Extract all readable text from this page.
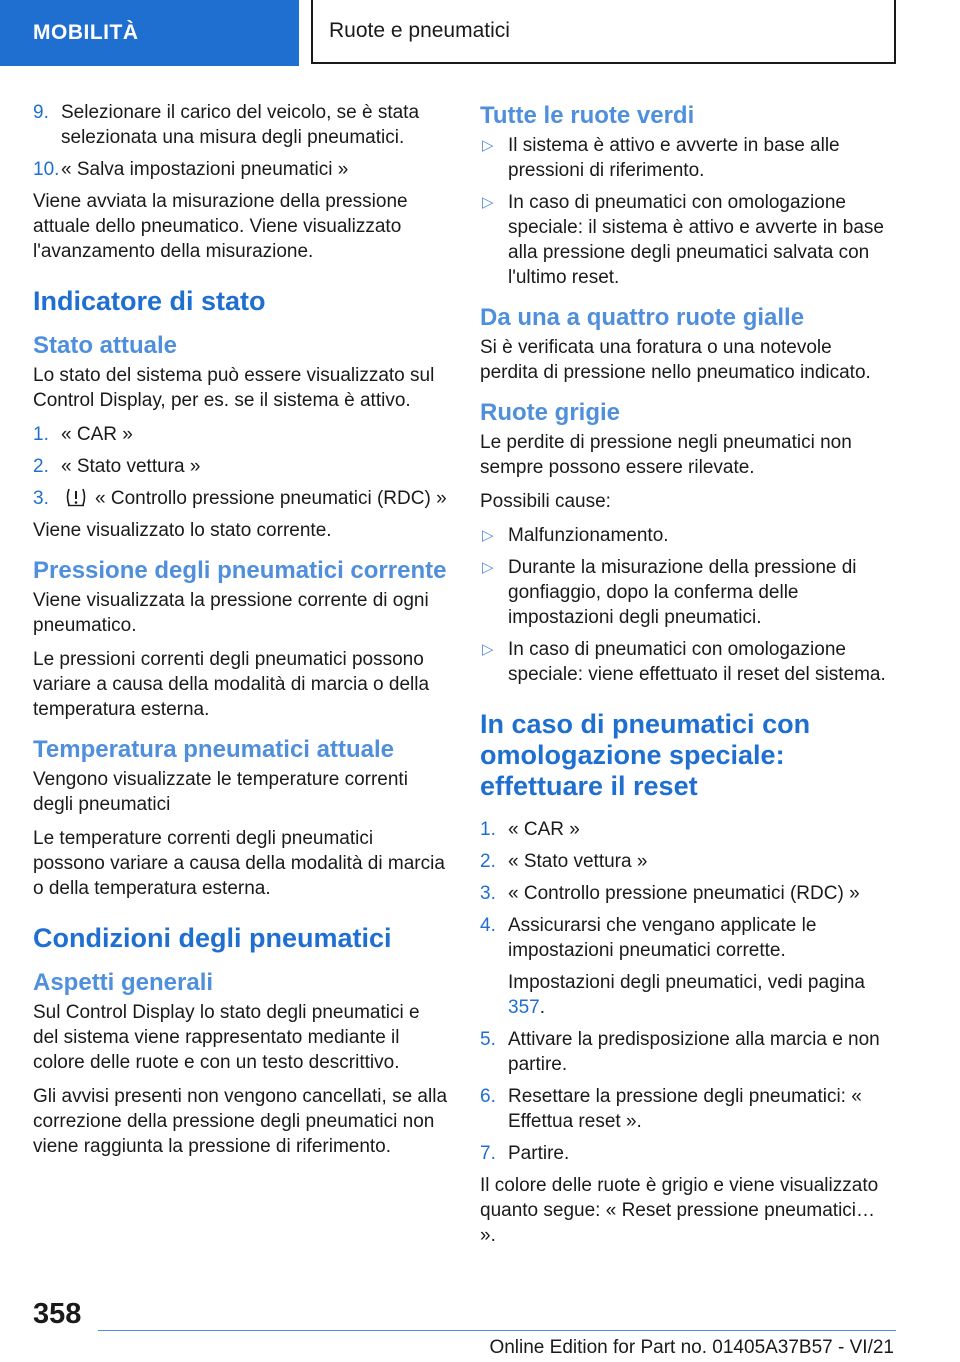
MOBILITÀ	Ruote e pneumatici
9. Selezionare il carico del veicolo, se è stata selezionata una misura degli pneumatici.
10. « Salva impostazioni pneumatici »

Viene avviata la misurazione della pressione attuale dello pneumatico. Viene visualizzato l'avanzamento della misurazione.

Indicatore di stato
Stato attuale

Lo stato del sistema può essere visualizzato sul Control Display, per es. se il sistema è attivo.

1. « CAR »
2. « Stato vettura »
3. « Controllo pressione pneumatici (RDC) »

Viene visualizzato lo stato corrente.

Pressione degli pneumatici corrente

Viene visualizzata la pressione corrente di ogni pneumatico.

Le pressioni correnti degli pneumatici possono variare a causa della modalità di marcia o della temperatura esterna.

Temperatura pneumatici attuale

Vengono visualizzate le temperature correnti degli pneumatici

Le temperature correnti degli pneumatici possono variare a causa della modalità di marcia o della temperatura esterna.

Condizioni degli pneumatici
Aspetti generali

Sul Control Display lo stato degli pneumatici e del sistema viene rappresentato mediante il colore delle ruote e con un testo descrittivo.

Gli avvisi presenti non vengono cancellati, se alla correzione della pressione degli pneumatici non viene raggiunta la pressione di riferimento.

Tutte le ruote verdi
▷ Il sistema è attivo e avverte in base alle pressioni di riferimento.
▷ In caso di pneumatici con omologazione speciale: il sistema è attivo e avverte in base alla pressione degli pneumatici salvata con l'ultimo reset.
Da una a quattro ruote gialle

Si è verificata una foratura o una notevole perdita di pressione nello pneumatico indicato.

Ruote grigie

Le perdite di pressione negli pneumatici non sempre possono essere rilevate.

Possibili cause:

▷ Malfunzionamento.
▷ Durante la misurazione della pressione di gonfiaggio, dopo la conferma delle impostazioni degli pneumatici.
▷ In caso di pneumatici con omologazione speciale: viene effettuato il reset del sistema.
In caso di pneumatici con omologazione speciale: effettuare il reset
1. « CAR »
2. « Stato vettura »
3. « Controllo pressione pneumatici (RDC) »
4. Assicurarsi che vengano applicate le impostazioni pneumatici corrette.
Impostazioni degli pneumatici, vedi pagina 357.
5. Attivare la predisposizione alla marcia e non partire.
6. Resettare la pressione degli pneumatici: « Effettua reset ».
7. Partire.

Il colore delle ruote è grigio e viene visualizzato quanto segue: « Reset pressione pneumatici… ».

358
Online Edition for Part no. 01405A37B57 - VI/21
